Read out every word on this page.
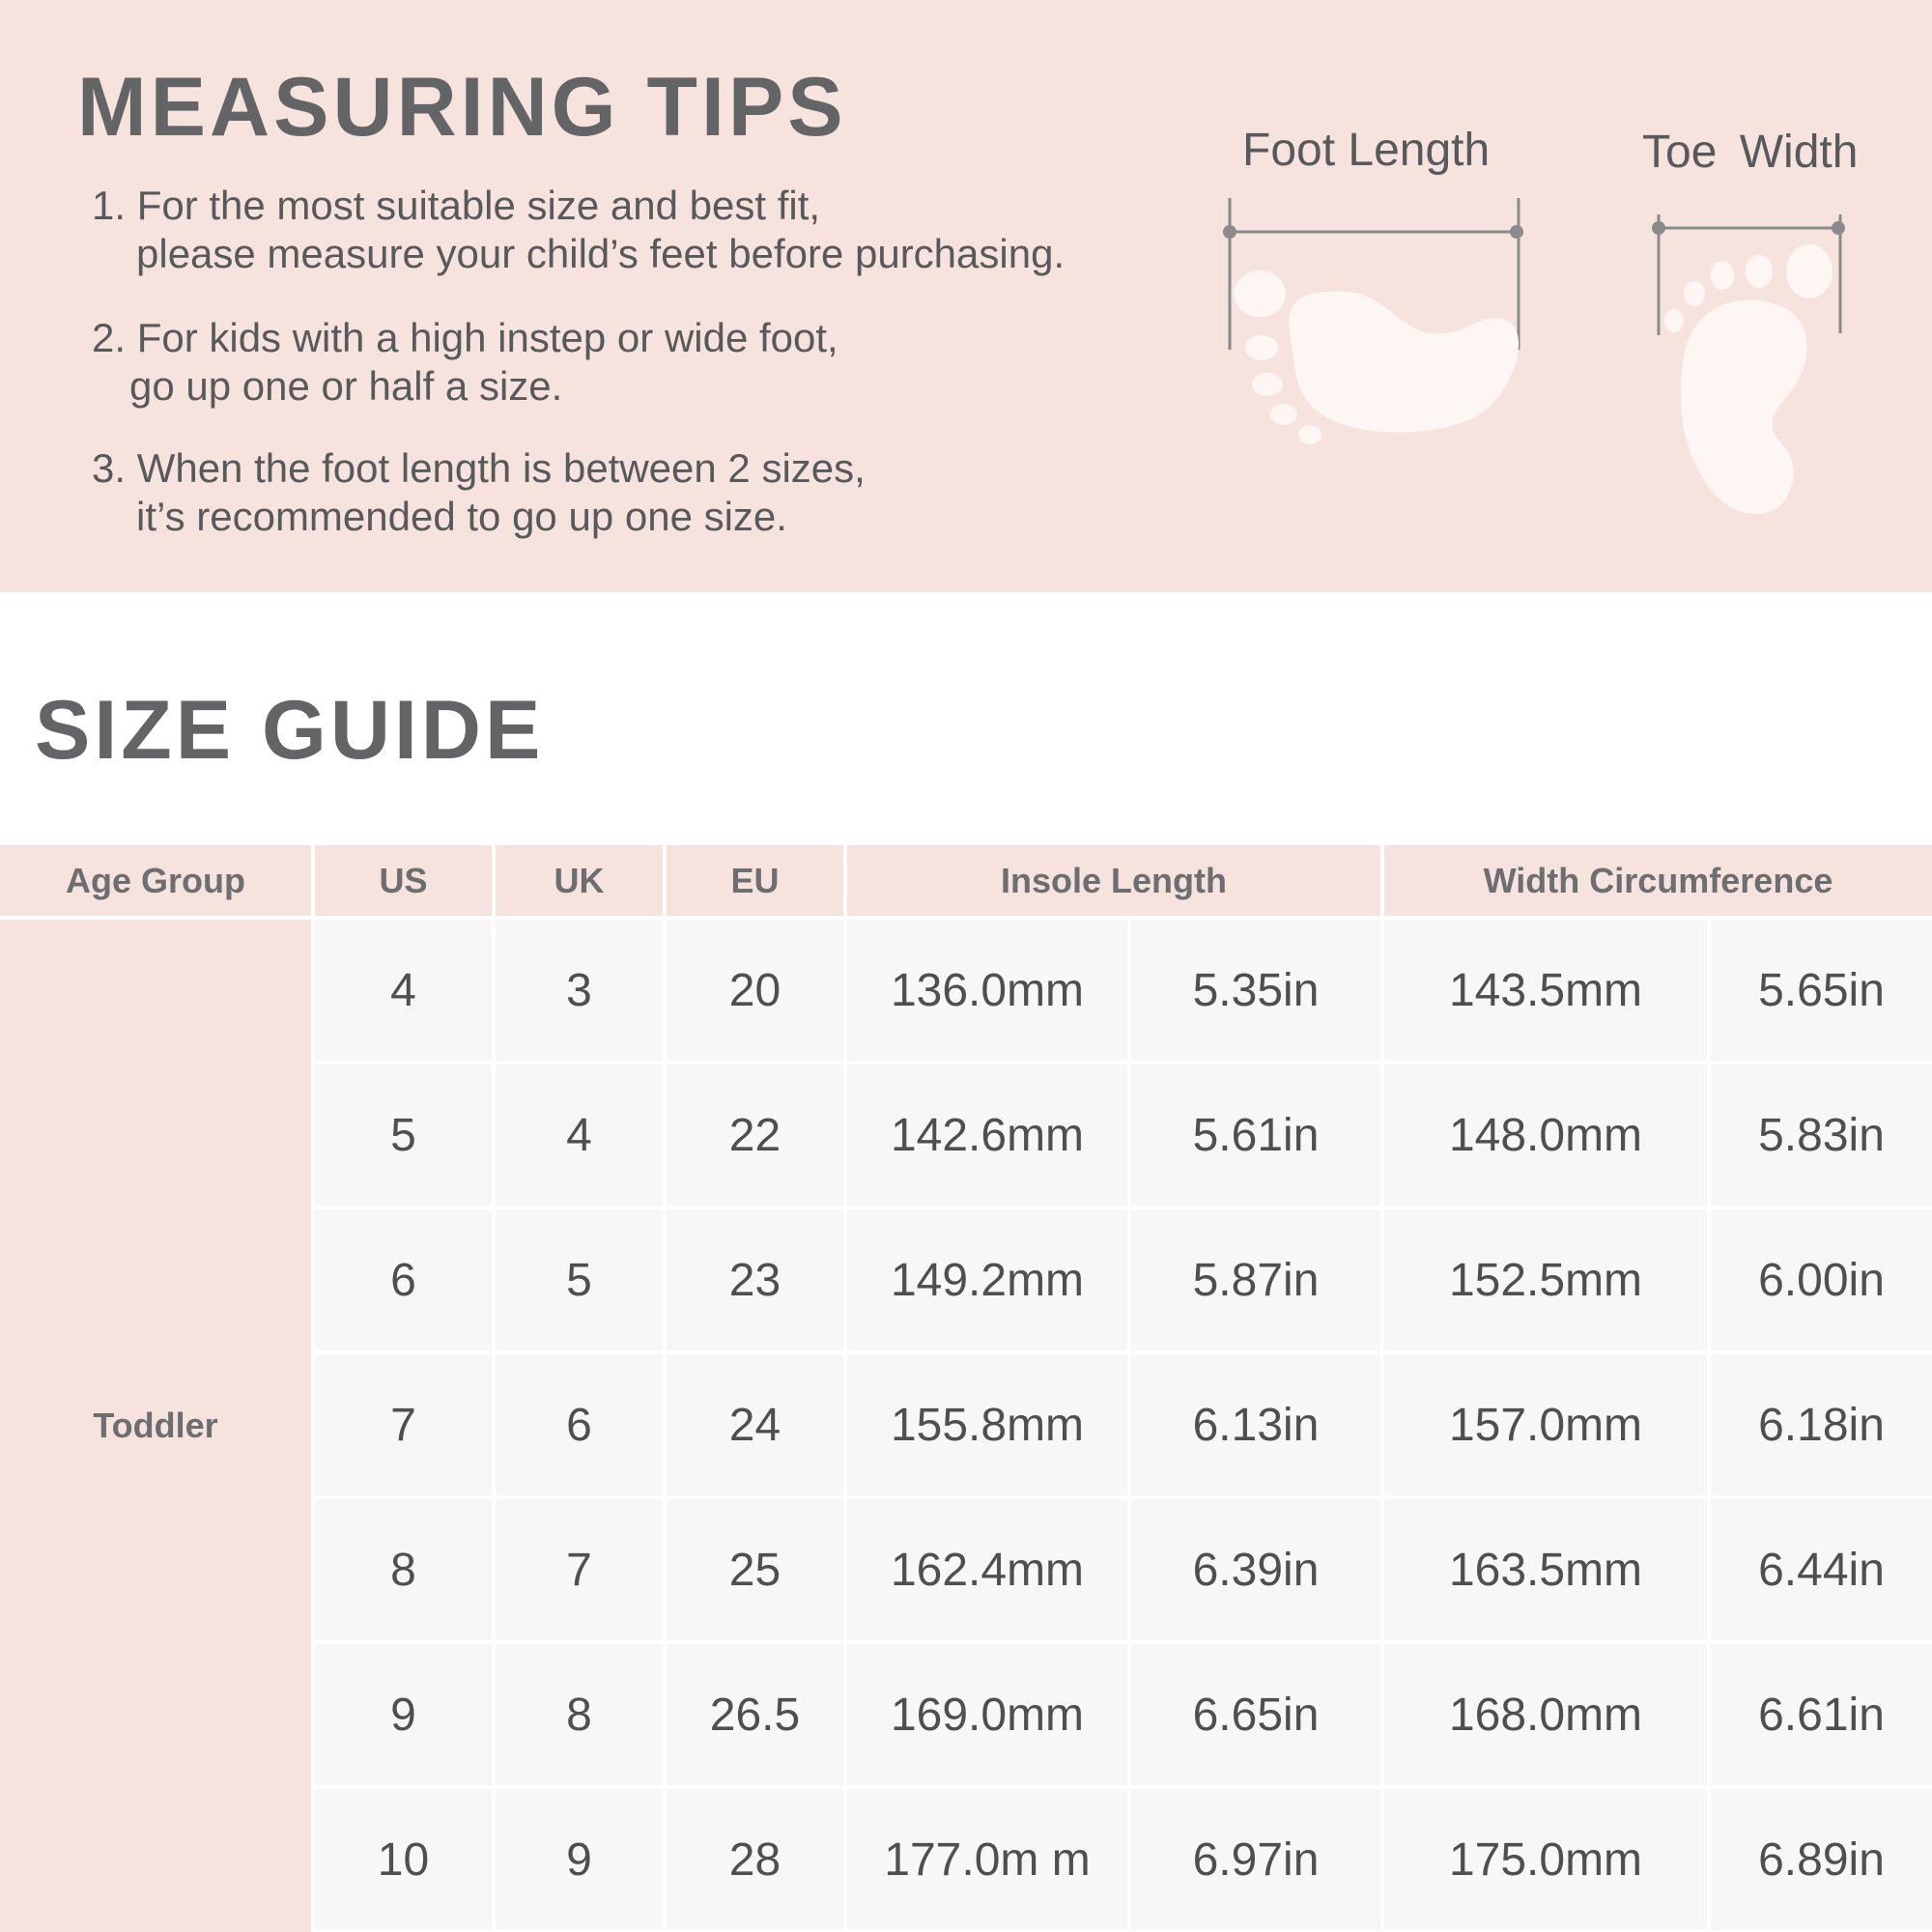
MEASURING TIPS

1. For the most suitable size and best fit,
please measure your child’s feet before purchasing.

2. For kids with a high instep or wide foot,
go up one or half a size.

3. When the foot length is between 2 sizes,
it’s recommended to go up one size.

Foot Length	Toe Width

SIZE GUIDE
Age Group	US	UK	EU	Insole Length	Width Circumference
Toddler
4	3	20	136.0mm	5.35in	143.5mm	5.65in
5	4	22	142.6mm	5.61in	148.0mm	5.83in
6	5	23	149.2mm	5.87in	152.5mm	6.00in
7	6	24	155.8mm	6.13in	157.0mm	6.18in
8	7	25	162.4mm	6.39in	163.5mm	6.44in
9	8	26.5	169.0mm	6.65in	168.0mm	6.61in
10	9	28	177.0m m	6.97in	175.0mm	6.89in
